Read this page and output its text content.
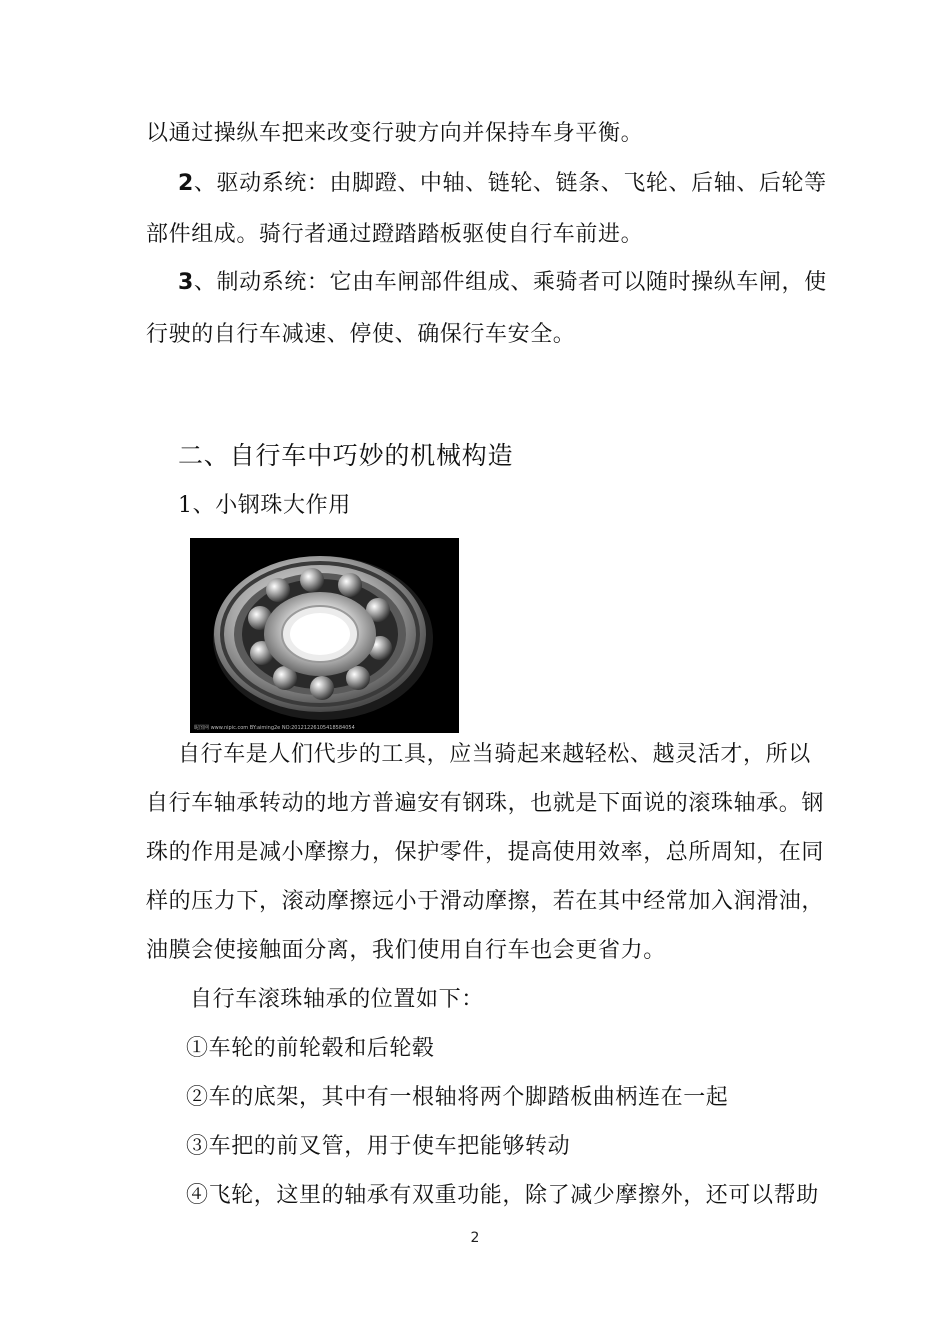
以通过操纵车把来改变行驶方向并保持车身平衡。
2、驱动系统：由脚蹬、中轴、链轮、链条、飞轮、后轴、后轮等
部件组成。骑行者通过蹬踏踏板驱使自行车前进。
3、制动系统：它由车闸部件组成、乘骑者可以随时操纵车闸，使
行驶的自行车减速、停使、确保行车安全。
二、自行车中巧妙的机械构造
1、小钢珠大作用
昵图网 www.nipic.com BY:aiming2e NO:20121226105418584054
自行车是人们代步的工具，应当骑起来越轻松、越灵活才，所以
自行车轴承转动的地方普遍安有钢珠，也就是下面说的滚珠轴承。钢
珠的作用是减小摩擦力，保护零件，提高使用效率，总所周知，在同
样的压力下，滚动摩擦远小于滑动摩擦，若在其中经常加入润滑油，
油膜会使接触面分离，我们使用自行车也会更省力。
自行车滚珠轴承的位置如下：
①车轮的前轮毂和后轮毂
②车的底架，其中有一根轴将两个脚踏板曲柄连在一起
③车把的前叉管，用于使车把能够转动
④飞轮，这里的轴承有双重功能，除了减少摩擦外，还可以帮助
2
